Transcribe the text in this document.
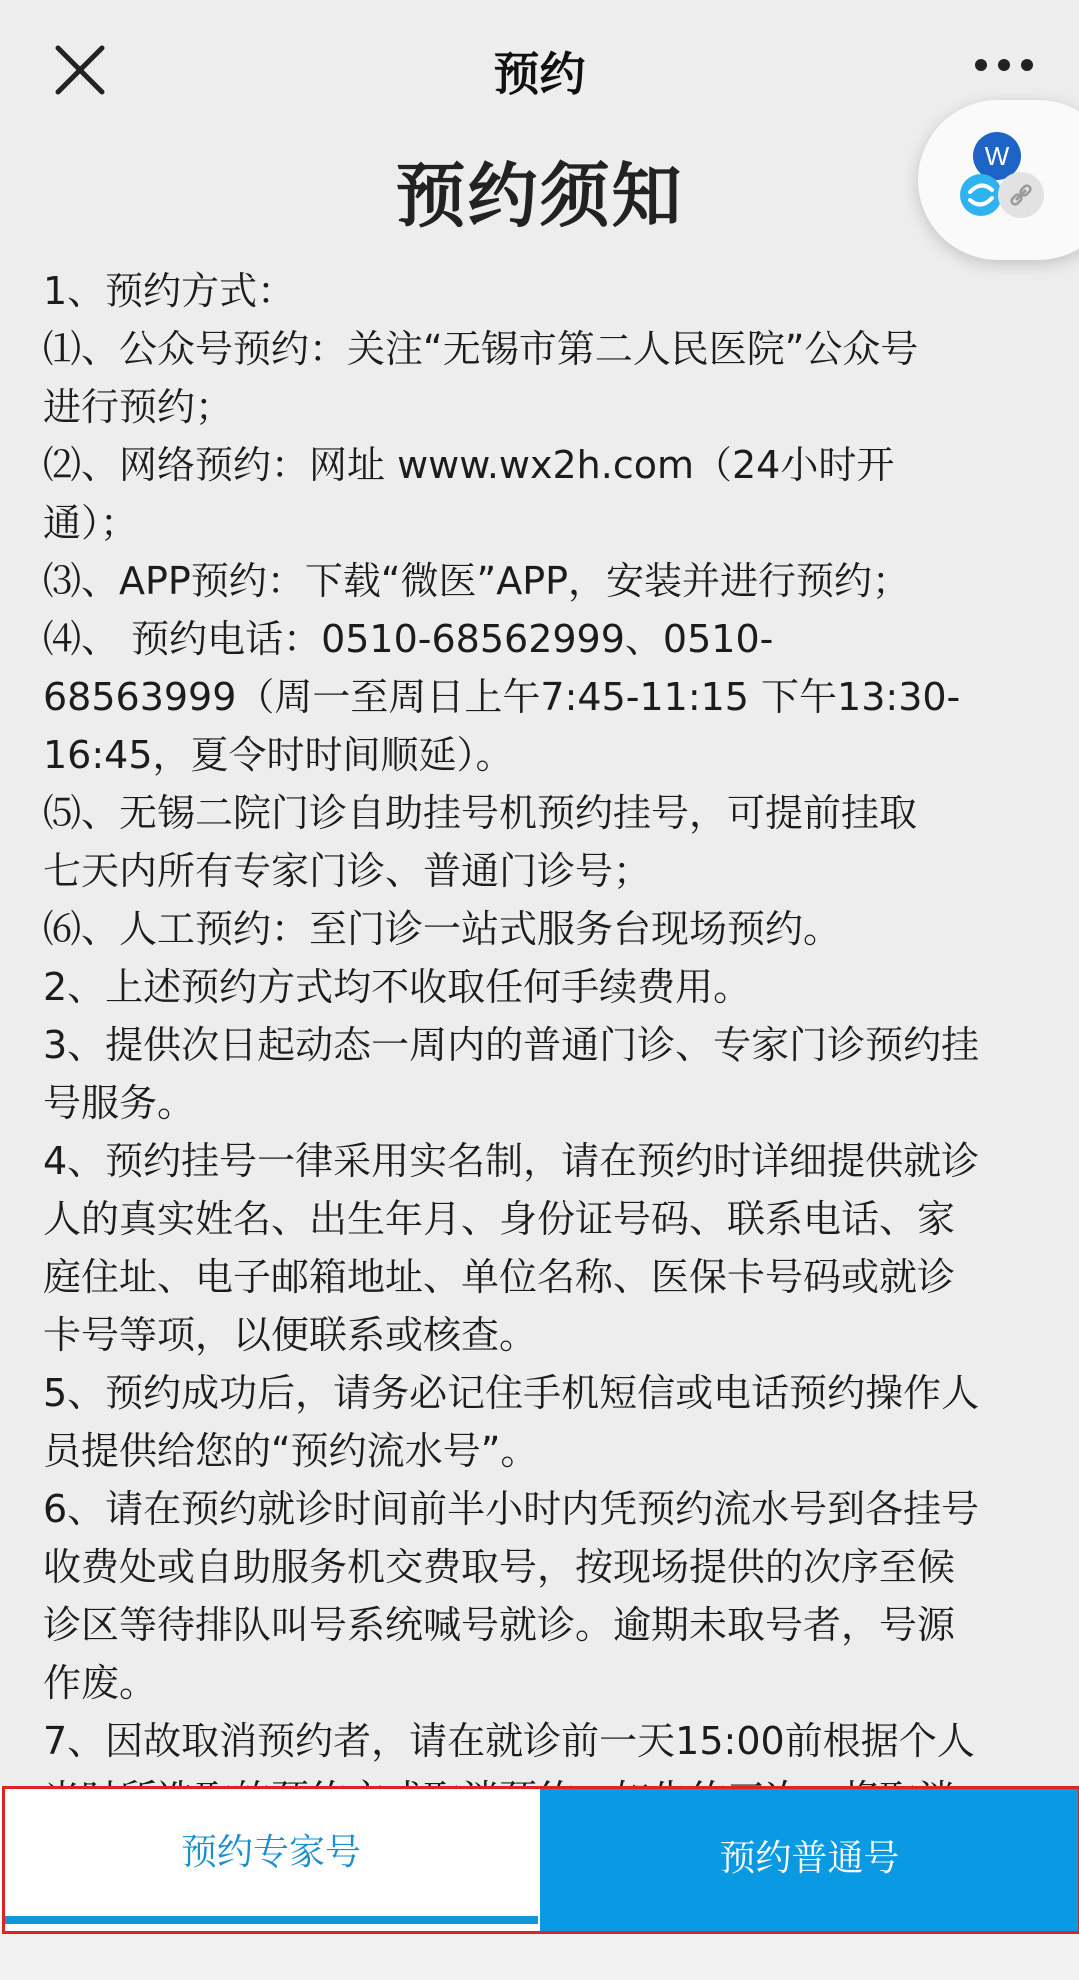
预约
W
预约须知
1、预约方式：
⑴、公众号预约：关注“无锡市第二人民医院”公众号
进行预约；
⑵、网络预约：网址 www.wx2h.com（24小时开
通）；
⑶、APP预约：下载“微医”APP，安装并进行预约；
⑷、 预约电话：0510-68562999、0510-
68563999（周一至周日上午7:45-11:15 下午13:30-
16:45，夏令时时间顺延）。
⑸、无锡二院门诊自助挂号机预约挂号，可提前挂取
七天内所有专家门诊、普通门诊号；
⑹、人工预约：至门诊一站式服务台现场预约。
2、上述预约方式均不收取任何手续费用。
3、提供次日起动态一周内的普通门诊、专家门诊预约挂
号服务。
4、预约挂号一律采用实名制，请在预约时详细提供就诊
人的真实姓名、出生年月、身份证号码、联系电话、家
庭住址、电子邮箱地址、单位名称、医保卡号码或就诊
卡号等项，以便联系或核查。
5、预约成功后，请务必记住手机短信或电话预约操作人
员提供给您的“预约流水号”。
6、请在预约就诊时间前半小时内凭预约流水号到各挂号
收费处或自助服务机交费取号，按现场提供的次序至候
诊区等待排队叫号系统喊号就诊。逾期未取号者，号源
作废。
7、因故取消预约者，请在就诊前一天15:00前根据个人
预约专家号	预约普通号
